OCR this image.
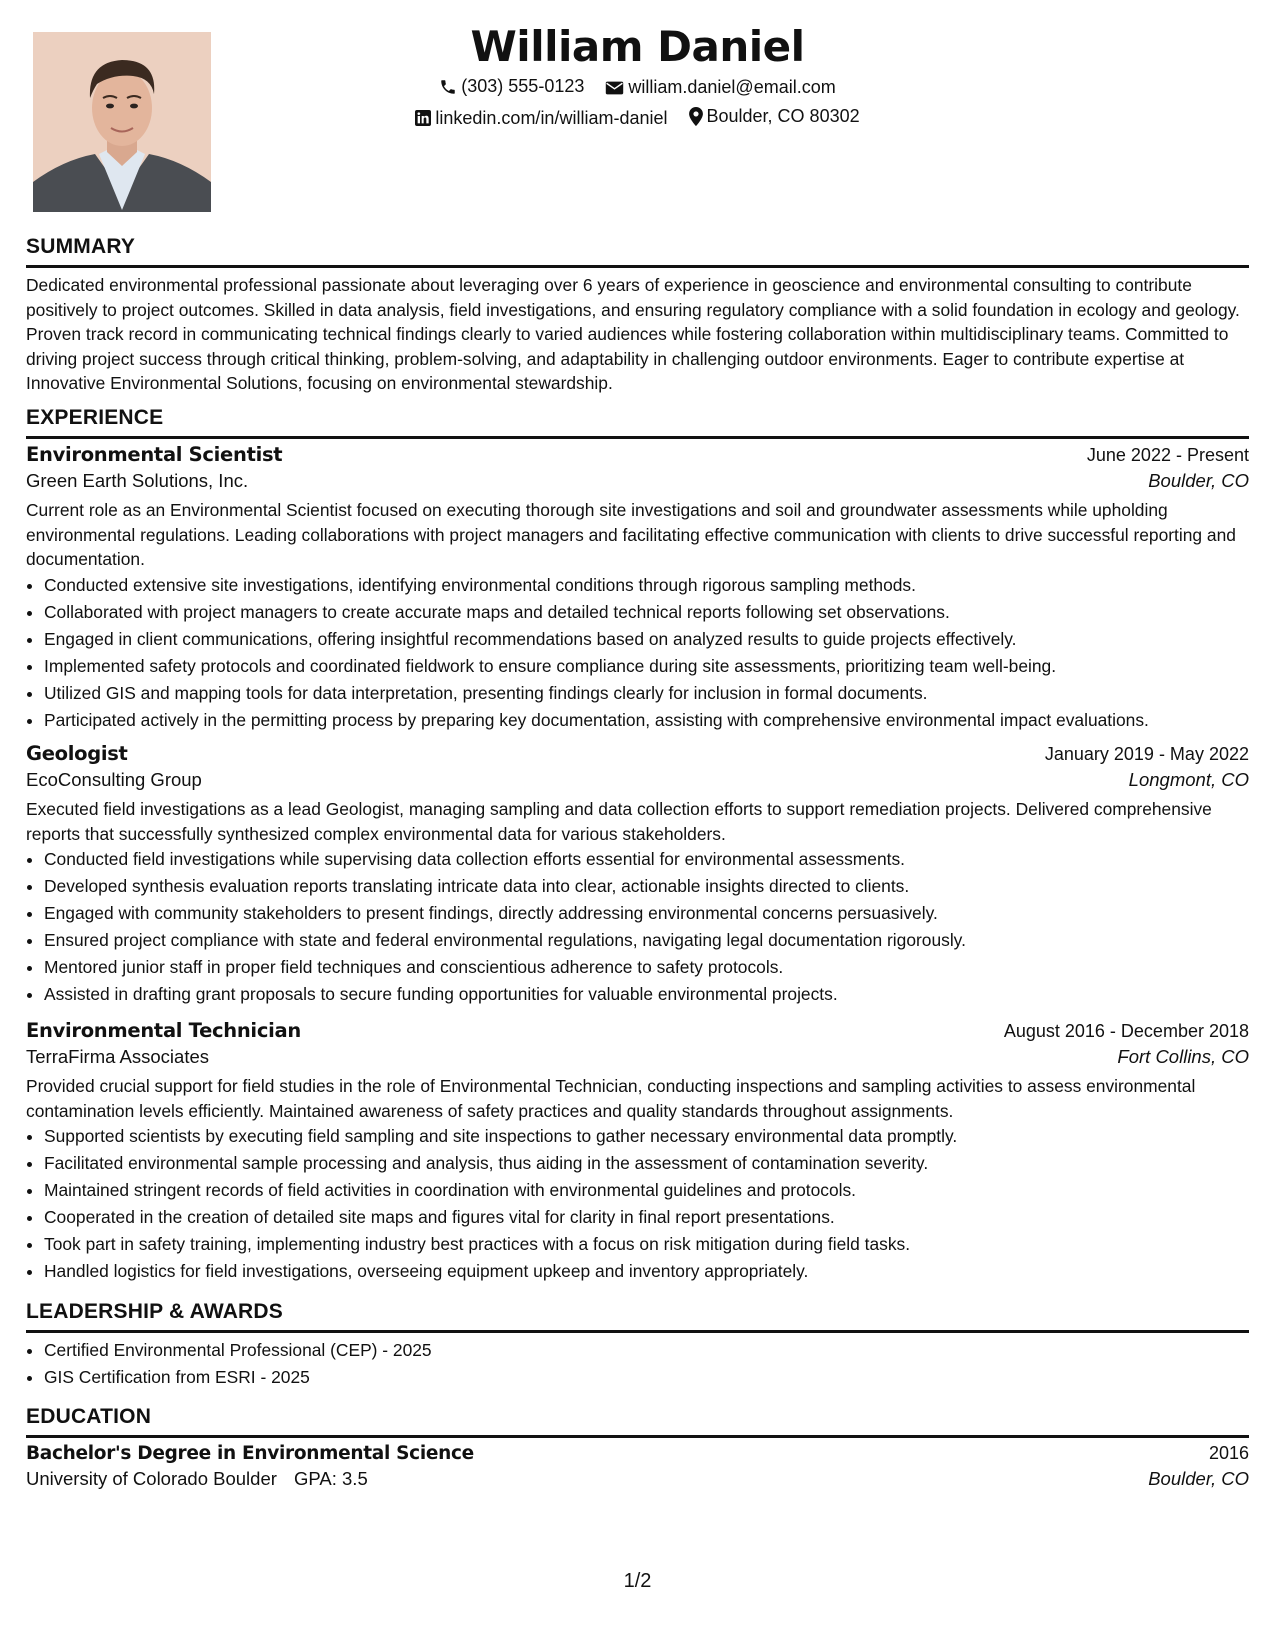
William Daniel
(303) 555-0123
william.daniel@email.com
linkedin.com/in/william-daniel
Boulder, CO 80302
SUMMARY

Dedicated environmental professional passionate about leveraging over 6 years of experience in geoscience and environmental consulting to contribute positively to project outcomes. Skilled in data analysis, field investigations, and ensuring regulatory compliance with a solid foundation in ecology and geology. Proven track record in communicating technical findings clearly to varied audiences while fostering collaboration within multidisciplinary teams. Committed to driving project success through critical thinking, problem-solving, and adaptability in challenging outdoor environments. Eager to contribute expertise at Innovative Environmental Solutions, focusing on environmental stewardship.

EXPERIENCE
Environmental Scientist	June 2022 - Present
Green Earth Solutions, Inc.	Boulder, CO

Current role as an Environmental Scientist focused on executing thorough site investigations and soil and groundwater assessments while upholding environmental regulations. Leading collaborations with project managers and facilitating effective communication with clients to drive successful reporting and documentation.

• Conducted extensive site investigations, identifying environmental conditions through rigorous sampling methods.
• Collaborated with project managers to create accurate maps and detailed technical reports following set observations.
• Engaged in client communications, offering insightful recommendations based on analyzed results to guide projects effectively.
• Implemented safety protocols and coordinated fieldwork to ensure compliance during site assessments, prioritizing team well-being.
• Utilized GIS and mapping tools for data interpretation, presenting findings clearly for inclusion in formal documents.
• Participated actively in the permitting process by preparing key documentation, assisting with comprehensive environmental impact evaluations.
Geologist	January 2019 - May 2022
EcoConsulting Group	Longmont, CO

Executed field investigations as a lead Geologist, managing sampling and data collection efforts to support remediation projects. Delivered comprehensive reports that successfully synthesized complex environmental data for various stakeholders.

• Conducted field investigations while supervising data collection efforts essential for environmental assessments.
• Developed synthesis evaluation reports translating intricate data into clear, actionable insights directed to clients.
• Engaged with community stakeholders to present findings, directly addressing environmental concerns persuasively.
• Ensured project compliance with state and federal environmental regulations, navigating legal documentation rigorously.
• Mentored junior staff in proper field techniques and conscientious adherence to safety protocols.
• Assisted in drafting grant proposals to secure funding opportunities for valuable environmental projects.
Environmental Technician	August 2016 - December 2018
TerraFirma Associates	Fort Collins, CO

Provided crucial support for field studies in the role of Environmental Technician, conducting inspections and sampling activities to assess environmental contamination levels efficiently. Maintained awareness of safety practices and quality standards throughout assignments.

• Supported scientists by executing field sampling and site inspections to gather necessary environmental data promptly.
• Facilitated environmental sample processing and analysis, thus aiding in the assessment of contamination severity.
• Maintained stringent records of field activities in coordination with environmental guidelines and protocols.
• Cooperated in the creation of detailed site maps and figures vital for clarity in final report presentations.
• Took part in safety training, implementing industry best practices with a focus on risk mitigation during field tasks.
• Handled logistics for field investigations, overseeing equipment upkeep and inventory appropriately.
LEADERSHIP & AWARDS
• Certified Environmental Professional (CEP) - 2025
• GIS Certification from ESRI - 2025
EDUCATION
Bachelor's Degree in Environmental Science	2016
University of Colorado Boulder GPA: 3.5	Boulder, CO
1/2
